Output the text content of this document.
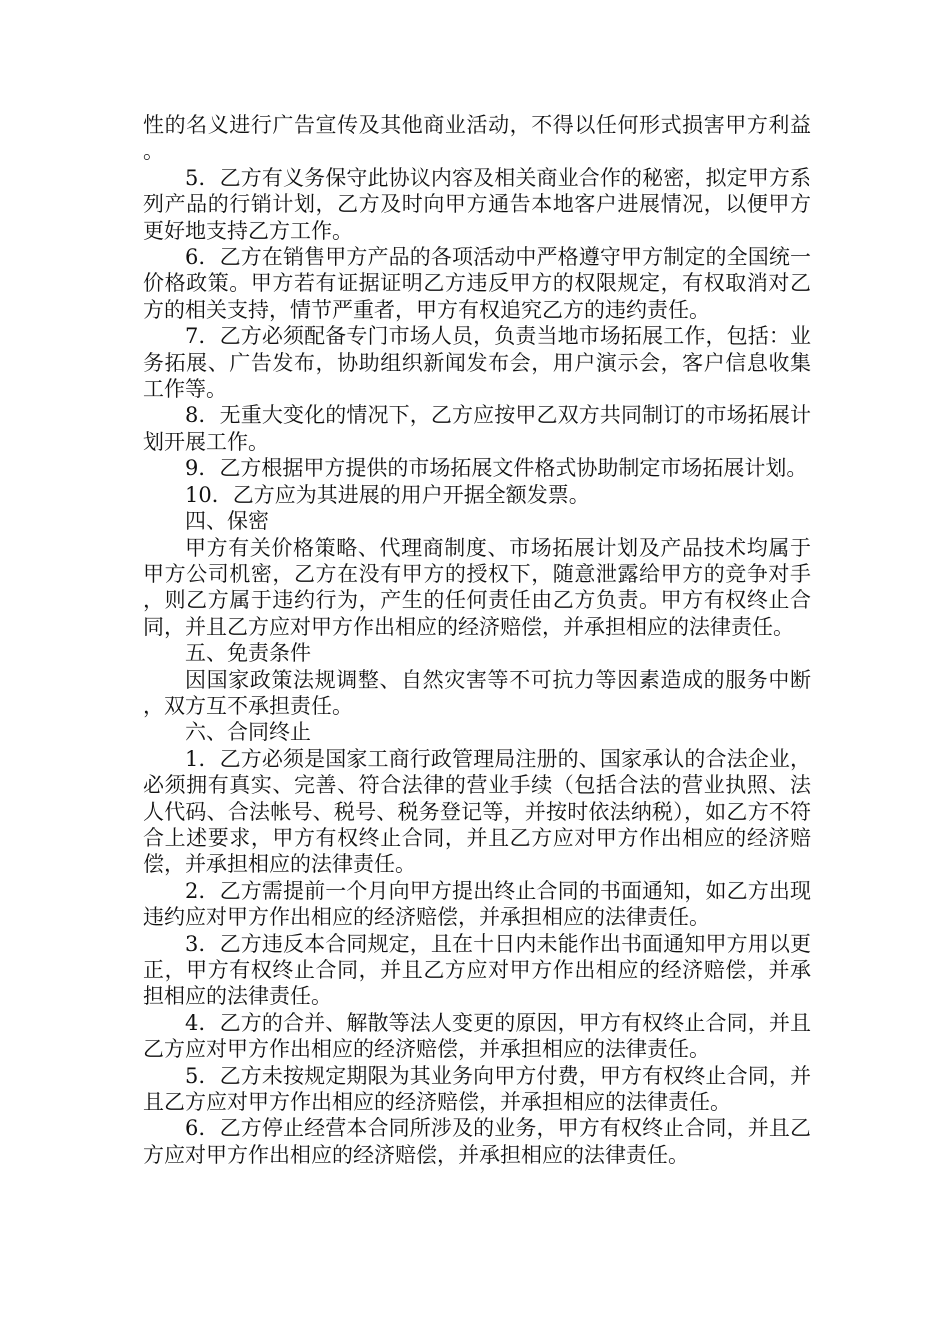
性的名义进行广告宣传及其他商业活动，不得以任何形式损害甲方利益。

5．乙方有义务保守此协议内容及相关商业合作的秘密，拟定甲方系列产品的行销计划，乙方及时向甲方通告本地客户进展情况，以便甲方更好地支持乙方工作。

6．乙方在销售甲方产品的各项活动中严格遵守甲方制定的全国统一价格政策。甲方若有证据证明乙方违反甲方的权限规定，有权取消对乙方的相关支持，情节严重者，甲方有权追究乙方的违约责任。

7．乙方必须配备专门市场人员，负责当地市场拓展工作，包括：业务拓展、广告发布，协助组织新闻发布会，用户演示会，客户信息收集工作等。

8．无重大变化的情况下，乙方应按甲乙双方共同制订的市场拓展计划开展工作。

9．乙方根据甲方提供的市场拓展文件格式协助制定市场拓展计划。

10．乙方应为其进展的用户开据全额发票。

四、保密

甲方有关价格策略、代理商制度、市场拓展计划及产品技术均属于甲方公司机密，乙方在没有甲方的授权下，随意泄露给甲方的竞争对手，则乙方属于违约行为，产生的任何责任由乙方负责。甲方有权终止合同，并且乙方应对甲方作出相应的经济赔偿，并承担相应的法律责任。

五、免责条件

因国家政策法规调整、自然灾害等不可抗力等因素造成的服务中断，双方互不承担责任。

六、合同终止

1．乙方必须是国家工商行政管理局注册的、国家承认的合法企业，必须拥有真实、完善、符合法律的营业手续（包括合法的营业执照、法人代码、合法帐号、税号、税务登记等，并按时依法纳税），如乙方不符合上述要求，甲方有权终止合同，并且乙方应对甲方作出相应的经济赔偿，并承担相应的法律责任。

2．乙方需提前一个月向甲方提出终止合同的书面通知，如乙方出现违约应对甲方作出相应的经济赔偿，并承担相应的法律责任。

3．乙方违反本合同规定，且在十日内未能作出书面通知甲方用以更正，甲方有权终止合同，并且乙方应对甲方作出相应的经济赔偿，并承担相应的法律责任。

4．乙方的合并、解散等法人变更的原因，甲方有权终止合同，并且乙方应对甲方作出相应的经济赔偿，并承担相应的法律责任。

5．乙方未按规定期限为其业务向甲方付费，甲方有权终止合同，并且乙方应对甲方作出相应的经济赔偿，并承担相应的法律责任。

6．乙方停止经营本合同所涉及的业务，甲方有权终止合同，并且乙方应对甲方作出相应的经济赔偿，并承担相应的法律责任。
